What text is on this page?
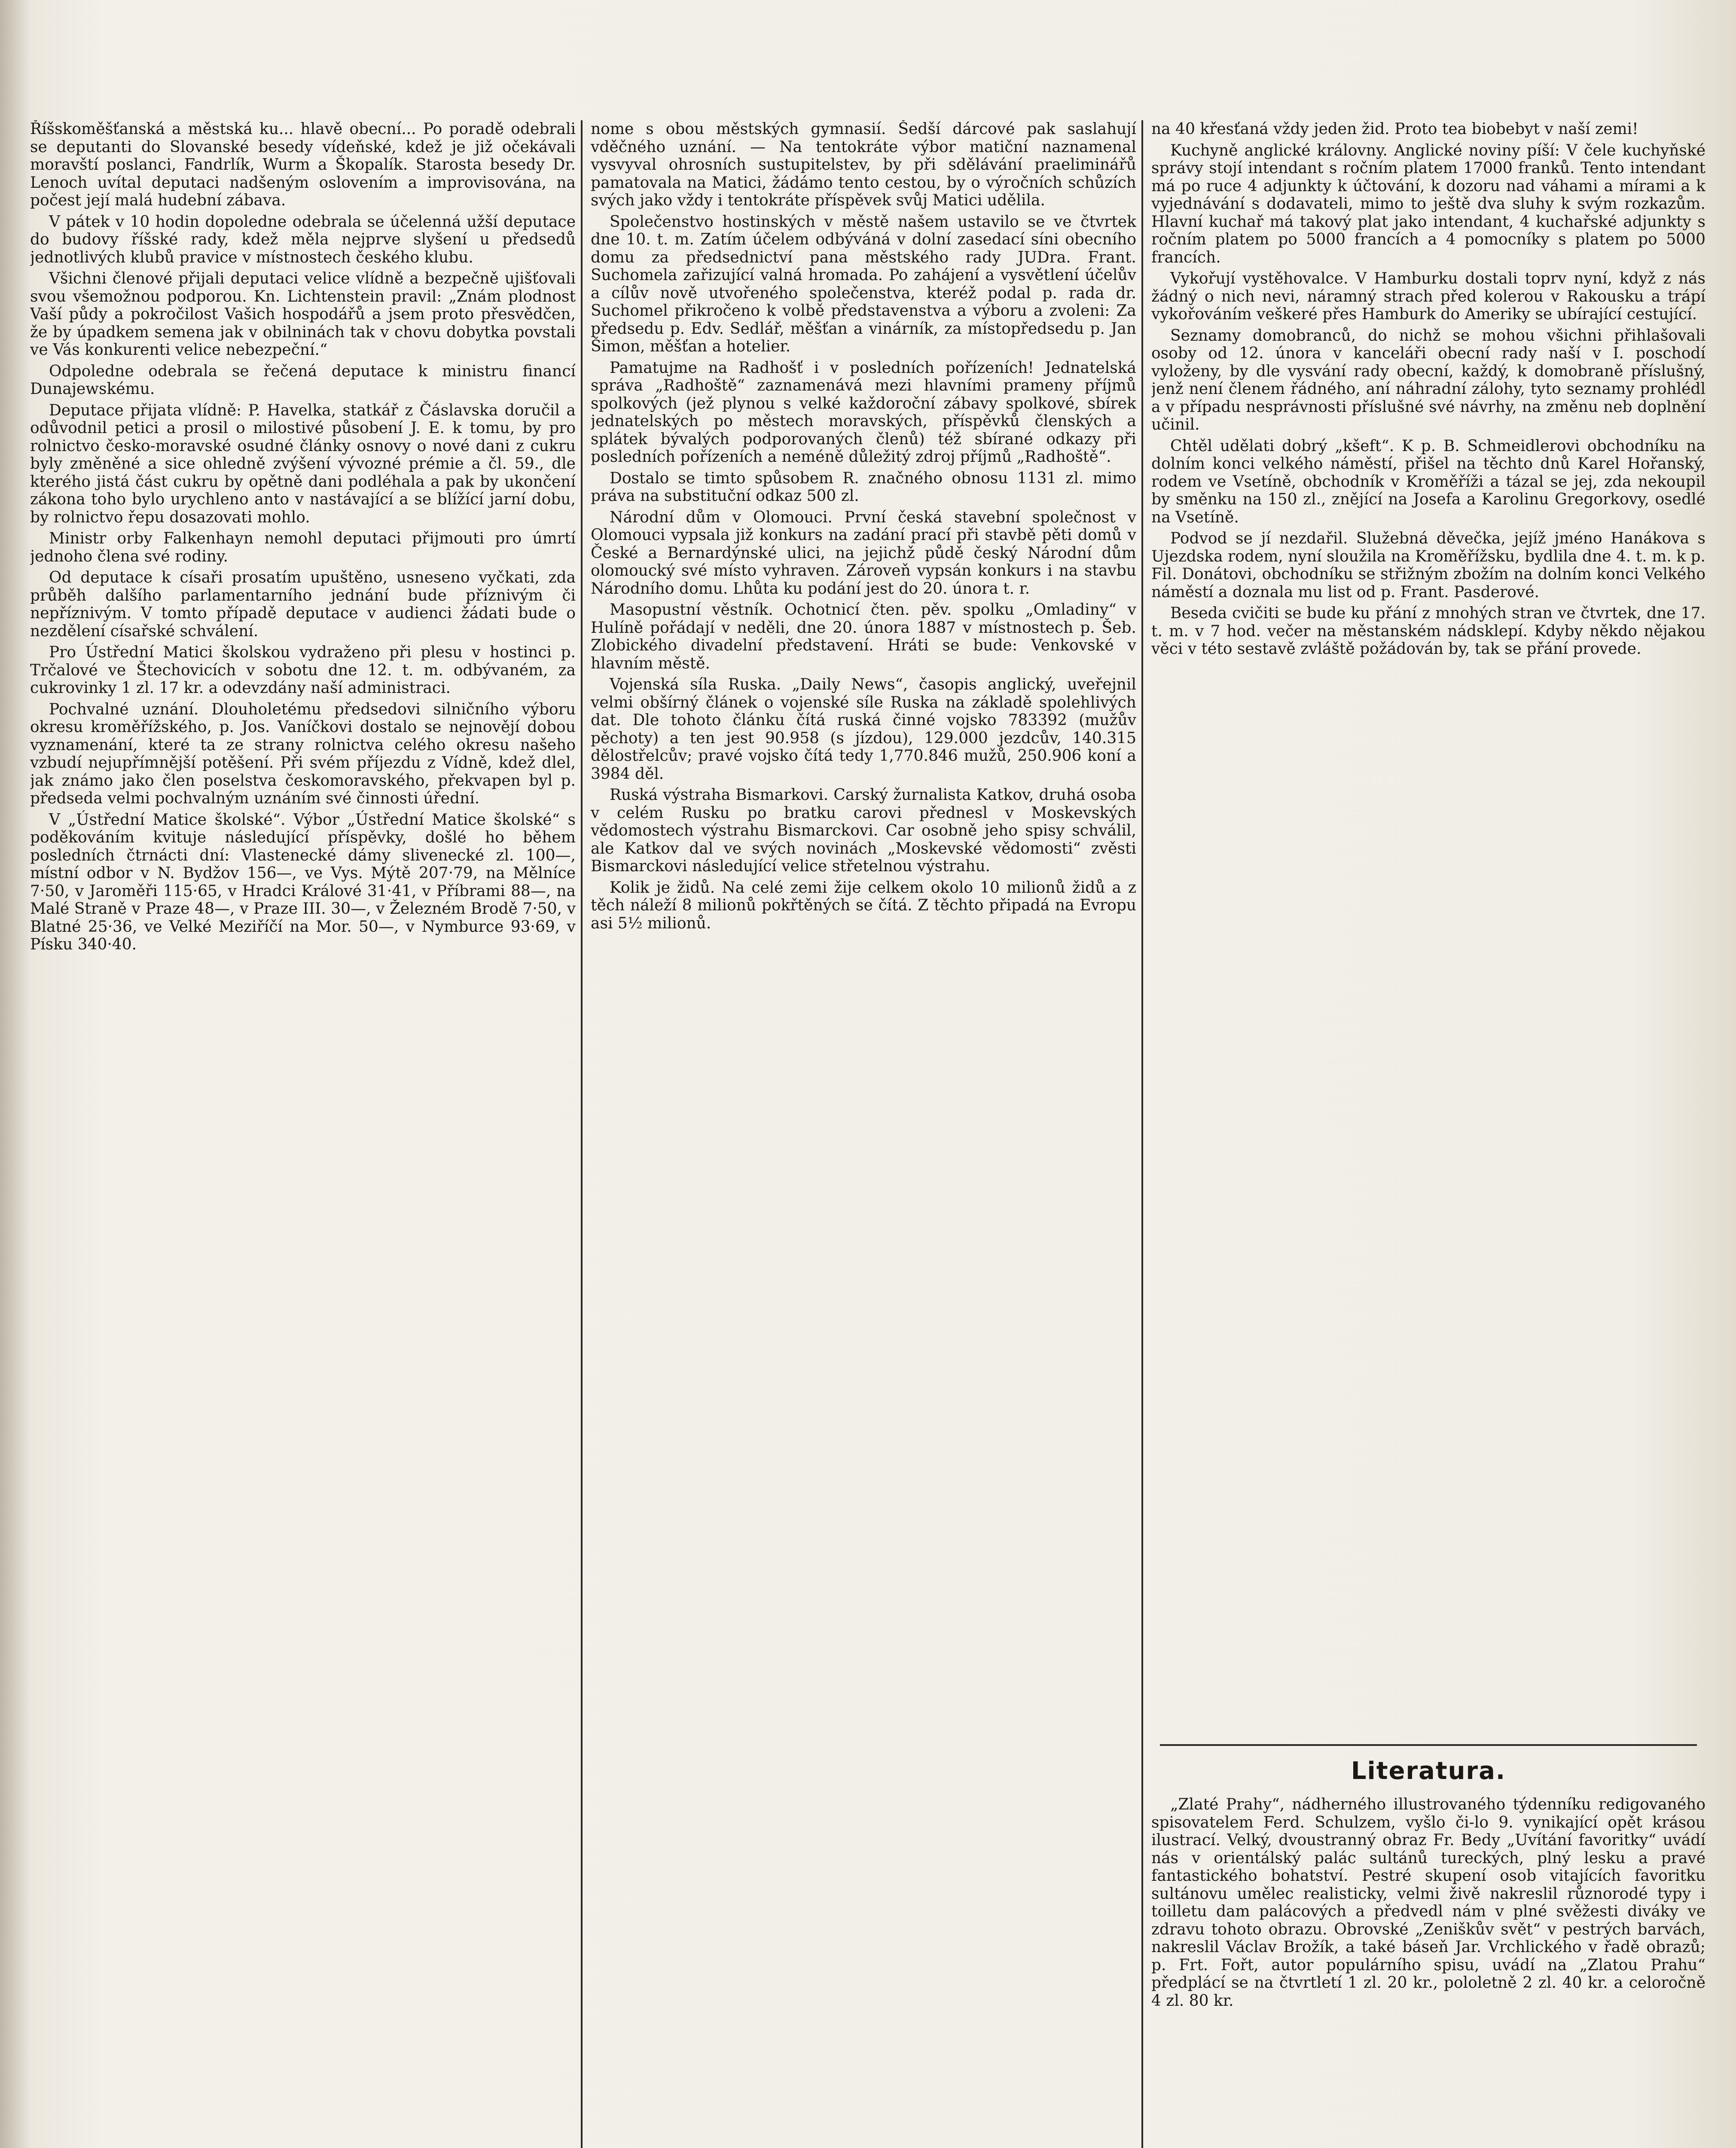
Říšskoměšťanská a městská ku... hlavě obecní... Po poradě odebrali se deputanti do Slovanské besedy vídeňské, kdež je již očekávali moravští poslanci, Fandrlík, Wurm a Škopalík. Starosta besedy Dr. Lenoch uvítal deputaci nadšeným oslovením a improvisována, na počest její malá hudební zábava.

V pátek v 10 hodin dopoledne odebrala se účelenná užší deputace do budovy říšské rady, kdež měla nejprve slyšení u předsedů jednotlivých klubů pravice v místnostech českého klubu.

Všichni členové přijali deputaci velice vlídně a bezpečně ujišťovali svou všemožnou podporou. Kn. Lichtenstein pravil: „Znám plodnost Vaší půdy a pokročilost Vašich hospodářů a jsem proto přesvědčen, že by úpadkem semena jak v obilninách tak v chovu dobytka povstali ve Vás konkurenti velice nebezpeční.“

Odpoledne odebrala se řečená deputace k ministru financí Dunajewskému.

Deputace přijata vlídně: P. Havelka, statkář z Čáslavska doručil a odůvodnil petici a prosil o milostivé působení J. E. k tomu, by pro rolnictvo česko-moravské osudné články osnovy o nové dani z cukru byly změněné a sice ohledně zvýšení vývozné prémie a čl. 59., dle kterého jistá část cukru by opětně dani podléhala a pak by ukončení zákona toho bylo urychleno anto v nastávající a se blížící jarní dobu, by rolnictvo řepu dosazovati mohlo.

Ministr orby Falkenhayn nemohl deputaci přijmouti pro úmrtí jednoho člena své rodiny.

Od deputace k císaři prosatím upuštěno, usneseno vyčkati, zda průběh dalšího parlamentarního jednání bude příznivým či nepříznivým. V tomto případě deputace v audienci žádati bude o nezdělení císařské schválení.

Pro Ústřední Matici školskou vydraženo při plesu v hostinci p. Trčalové ve Štechovicích v sobotu dne 12. t. m. odbývaném, za cukrovinky 1 zl. 17 kr. a odevzdány naší administraci.

Pochvalné uznání. Dlouholetému předsedovi silničního výboru okresu kroměřížského, p. Jos. Vaníčkovi dostalo se nejnovějí dobou vyznamenání, které ta ze strany rolnictva celého okresu našeho vzbudí nejupřímnější potěšení. Při svém příjezdu z Vídně, kdež dlel, jak známo jako člen poselstva českomoravského, překvapen byl p. předseda velmi pochvalným uznáním své činnosti úřední.

V „Ústřední Matice školské“. Výbor „Ústřední Matice školské“ s poděkováním kvituje následující příspěvky, došlé ho během posledních čtrnácti dní: Vlastenecké dámy slivenecké zl. 100—, místní odbor v N. Bydžov 156—, ve Vys. Mýtě 207·79, na Mělníce 7·50, v Jaroměři 115·65, v Hradci Králové 31·41, v Příbrami 88—, na Malé Straně v Praze 48—, v Praze III. 30—, v Železném Brodě 7·50, v Blatné 25·36, ve Velké Meziříčí na Mor. 50—, v Nymburce 93·69, v Písku 340·40.

nome s obou městských gymnasií. Šedší dárcové pak saslahují vděčného uznání. — Na tentokráte výbor matiční naznamenal vysvyval ohrosních sustupitelstev, by při sdělávání praeliminářů pamatovala na Matici, žádámo tento cestou, by o výročních schůzích svých jako vždy i tentokráte příspěvek svůj Matici udělila.

Společenstvo hostinských v městě našem ustavilo se ve čtvrtek dne 10. t. m. Zatím účelem odbýváná v dolní zasedací síni obecního domu za předsednictví pana městského rady JUDra. Frant. Suchomela zařizující valná hromada. Po zahájení a vysvětlení účelův a cílův nově utvořeného společenstva, kteréž podal p. rada dr. Suchomel přikročeno k volbě představenstva a výboru a zvoleni: Za předsedu p. Edv. Sedlář, měšťan a vinárník, za místopředsedu p. Jan Šimon, měšťan a hotelier.

Pamatujme na Radhošť i v posledních pořízeních! Jednatelská správa „Radhoště“ zaznamenává mezi hlavními prameny příjmů spolkových (jež plynou s velké každoroční zábavy spolkové, sbírek jednatelských po městech moravských, příspěvků členských a splátek bývalých podporovaných členů) též sbírané odkazy při posledních pořízeních a neméně důležitý zdroj příjmů „Radhoště“.

Dostalo se timto spůsobem R. značného obnosu 1131 zl. mimo práva na substituční odkaz 500 zl.

Národní dům v Olomouci. První česká stavební společnost v Olomouci vypsala již konkurs na zadání prací při stavbě pěti domů v České a Bernardýnské ulici, na jejichž půdě český Národní dům olomoucký své místo vyhraven. Zároveň vypsán konkurs i na stavbu Národního domu. Lhůta ku podání jest do 20. února t. r.

Masopustní věstník. Ochotnicí čten. pěv. spolku „Omladiny“ v Hulíně pořádají v neděli, dne 20. února 1887 v místnostech p. Šeb. Zlobického divadelní představení. Hráti se bude: Venkovské v hlavním městě.

Vojenská síla Ruska. „Daily News“, časopis anglický, uveřejnil velmi obšírný článek o vojenské síle Ruska na základě spolehlivých dat. Dle tohoto článku čítá ruská činné vojsko 783392 (mužův pěchoty) a ten jest 90.958 (s jízdou), 129.000 jezdcův, 140.315 dělostřelcův; pravé vojsko čítá tedy 1,770.846 mužů, 250.906 koní a 3984 děl.

Ruská výstraha Bismarkovi. Carský žurnalista Katkov, druhá osoba v celém Rusku po bratku carovi přednesl v Moskevských vědomostech výstrahu Bismarckovi. Car osobně jeho spisy schválil, ale Katkov dal ve svých novinách „Moskevské vědomosti“ zvěsti Bismarckovi následující velice střetelnou výstrahu.

Kolik je židů. Na celé zemi žije celkem okolo 10 milionů židů a z těch náleží 8 milionů pokřtěných se čítá. Z těchto připadá na Evropu asi 5½ milionů.

na 40 křesťaná vždy jeden žid. Proto tea biobebyt v naší zemi!

Kuchyně anglické královny. Anglické noviny píší: V čele kuchyňské správy stojí intendant s ročním platem 17000 franků. Tento intendant má po ruce 4 adjunkty k účtování, k dozoru nad váhami a mírami a k vyjednávání s dodavateli, mimo to ještě dva sluhy k svým rozkazům. Hlavní kuchař má takový plat jako intendant, 4 kuchařské adjunkty s ročním platem po 5000 francích a 4 pomocníky s platem po 5000 francích.

Vykořují vystěhovalce. V Hamburku dostali toprv nyní, když z nás žádný o nich nevi, náramný strach před kolerou v Rakousku a trápí vykořováním veškeré přes Hamburk do Ameriky se ubírající cestující.

Seznamy domobranců, do nichž se mohou všichni přihlašovali osoby od 12. února v kanceláři obecní rady naší v I. poschodí vyloženy, by dle vysvání rady obecní, každý, k domobraně příslušný, jenž není členem řádného, aní náhradní zálohy, tyto seznamy prohlédl a v případu nesprávnosti příslušné své návrhy, na změnu neb doplnění učinil.

Chtěl udělati dobrý „kšeft“. K p. B. Schmeidlerovi obchodníku na dolním konci velkého náměstí, přišel na těchto dnů Karel Hořanský, rodem ve Vsetíně, obchodník v Kroměříži a tázal se jej, zda nekoupil by směnku na 150 zl., znějící na Josefa a Karolinu Gregorkovy, osedlé na Vsetíně.

Podvod se jí nezdařil. Služebná děvečka, jejíž jméno Hanákova s Ujezdska rodem, nyní sloužila na Kroměřížsku, bydlila dne 4. t. m. k p. Fil. Donátovi, obchodníku se střižným zbožím na dolním konci Velkého náměstí a doznala mu list od p. Frant. Pasderové.

Beseda cvičiti se bude ku přání z mnohých stran ve čtvrtek, dne 17. t. m. v 7 hod. večer na městanském nádsklepí. Kdyby někdo nějakou věci v této sestavě zvláště požádován by, tak se přání provede.

Literatura.
„Zlaté Prahy“, nádherného illustrovaného týdenníku redigovaného spisovatelem Ferd. Schulzem, vyšlo či-lo 9. vynikající opět krásou ilustrací. Velký, dvoustranný obraz Fr. Bedy „Uvítání favoritky“ uvádí nás v orientálský palác sultánů tureckých, plný lesku a pravé fantastického bohatství. Pestré skupení osob vitajících favoritku sultánovu umělec realisticky, velmi živě nakreslil různorodé typy i toilletu dam palácových a předvedl nám v plné svěžesti diváky ve zdravu tohoto obrazu. Obrovské „Zeniškův svět“ v pestrých barvách, nakreslil Václav Brožík, a také báseň Jar. Vrchlického v řadě obrazů; p. Frt. Fořt, autor populárního spisu, uvádí na „Zlatou Prahu“ předplácí se na čtvrtletí 1 zl. 20 kr., pololetně 2 zl. 40 kr. a celoročně 4 zl. 80 kr.
